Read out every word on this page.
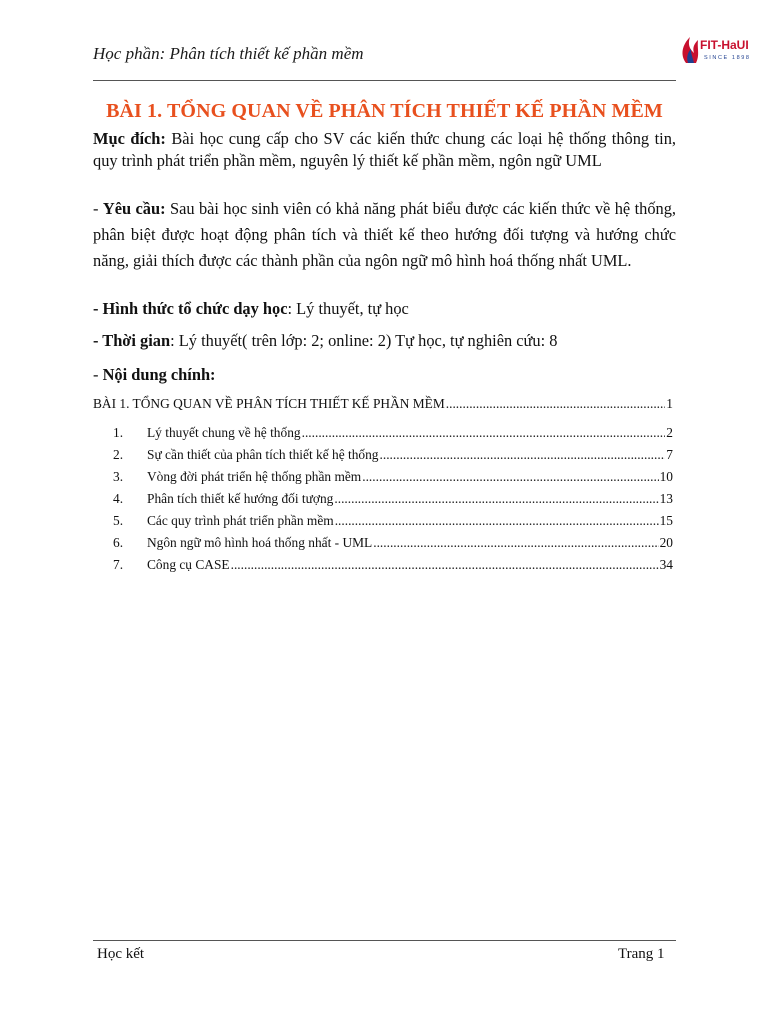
Học phần: Phân tích thiết kế phần mềm	FIT-HaUI
SINCE 1898
BÀI 1. TỔNG QUAN VỀ PHÂN TÍCH THIẾT KẾ PHẦN MỀM
Mục đích: Bài học cung cấp cho SV các kiến thức chung các loại hệ thống thông tin, quy trình phát triển phần mềm, nguyên lý thiết kế phần mềm, ngôn ngữ UML
- Yêu cầu: Sau bài học sinh viên có khả năng phát biểu được các kiến thức về hệ thống, phân biệt được hoạt động phân tích và thiết kế theo hướng đối tượng và hướng chức năng, giải thích được các thành phần của ngôn ngữ mô hình hoá thống nhất UML.
- Hình thức tổ chức dạy học: Lý thuyết, tự học
- Thời gian: Lý thuyết( trên lớp: 2; online: 2) Tự học, tự nghiên cứu: 8
- Nội dung chính:
BÀI 1. TỔNG QUAN VỀ PHÂN TÍCH THIẾT KẾ PHẦN MỀM .....	1
1.	Lý thuyết chung về hệ thống .....	2
2.	Sự cần thiết của phân tích thiết kế hệ thống .....	7
3.	Vòng đời phát triển hệ thống phần mềm .....	10
4.	Phân tích thiết kế hướng đối tượng .....	13
5.	Các quy trình phát triển phần mềm .....	15
6.	Ngôn ngữ mô hình hoá thống nhất - UML .....	20
7.	Công cụ CASE .....	34
Học kết	Trang 1
